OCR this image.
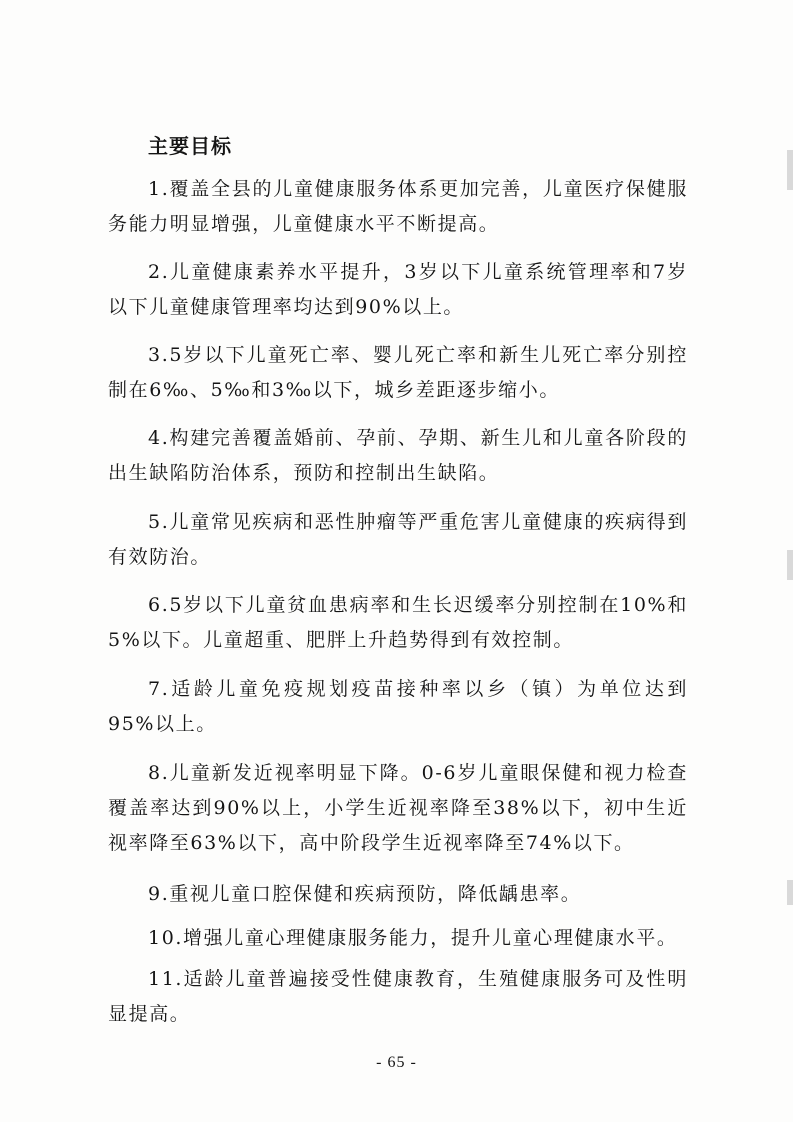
主要目标

1.覆盖全县的儿童健康服务体系更加完善，儿童医疗保健服务能力明显增强，儿童健康水平不断提高。

2.儿童健康素养水平提升，3岁以下儿童系统管理率和7岁以下儿童健康管理率均达到90%以上。

3.5岁以下儿童死亡率、婴儿死亡率和新生儿死亡率分别控制在6‰、5‰和3‰以下，城乡差距逐步缩小。

4.构建完善覆盖婚前、孕前、孕期、新生儿和儿童各阶段的出生缺陷防治体系，预防和控制出生缺陷。

5.儿童常见疾病和恶性肿瘤等严重危害儿童健康的疾病得到有效防治。

6.5岁以下儿童贫血患病率和生长迟缓率分别控制在10%和5%以下。儿童超重、肥胖上升趋势得到有效控制。

7.适龄儿童免疫规划疫苗接种率以乡（镇）为单位达到95%以上。

8.儿童新发近视率明显下降。0-6岁儿童眼保健和视力检查覆盖率达到90%以上，小学生近视率降至38%以下，初中生近视率降至63%以下，高中阶段学生近视率降至74%以下。

9.重视儿童口腔保健和疾病预防，降低龋患率。

10.增强儿童心理健康服务能力，提升儿童心理健康水平。

11.适龄儿童普遍接受性健康教育，生殖健康服务可及性明显提高。

- 65 -
